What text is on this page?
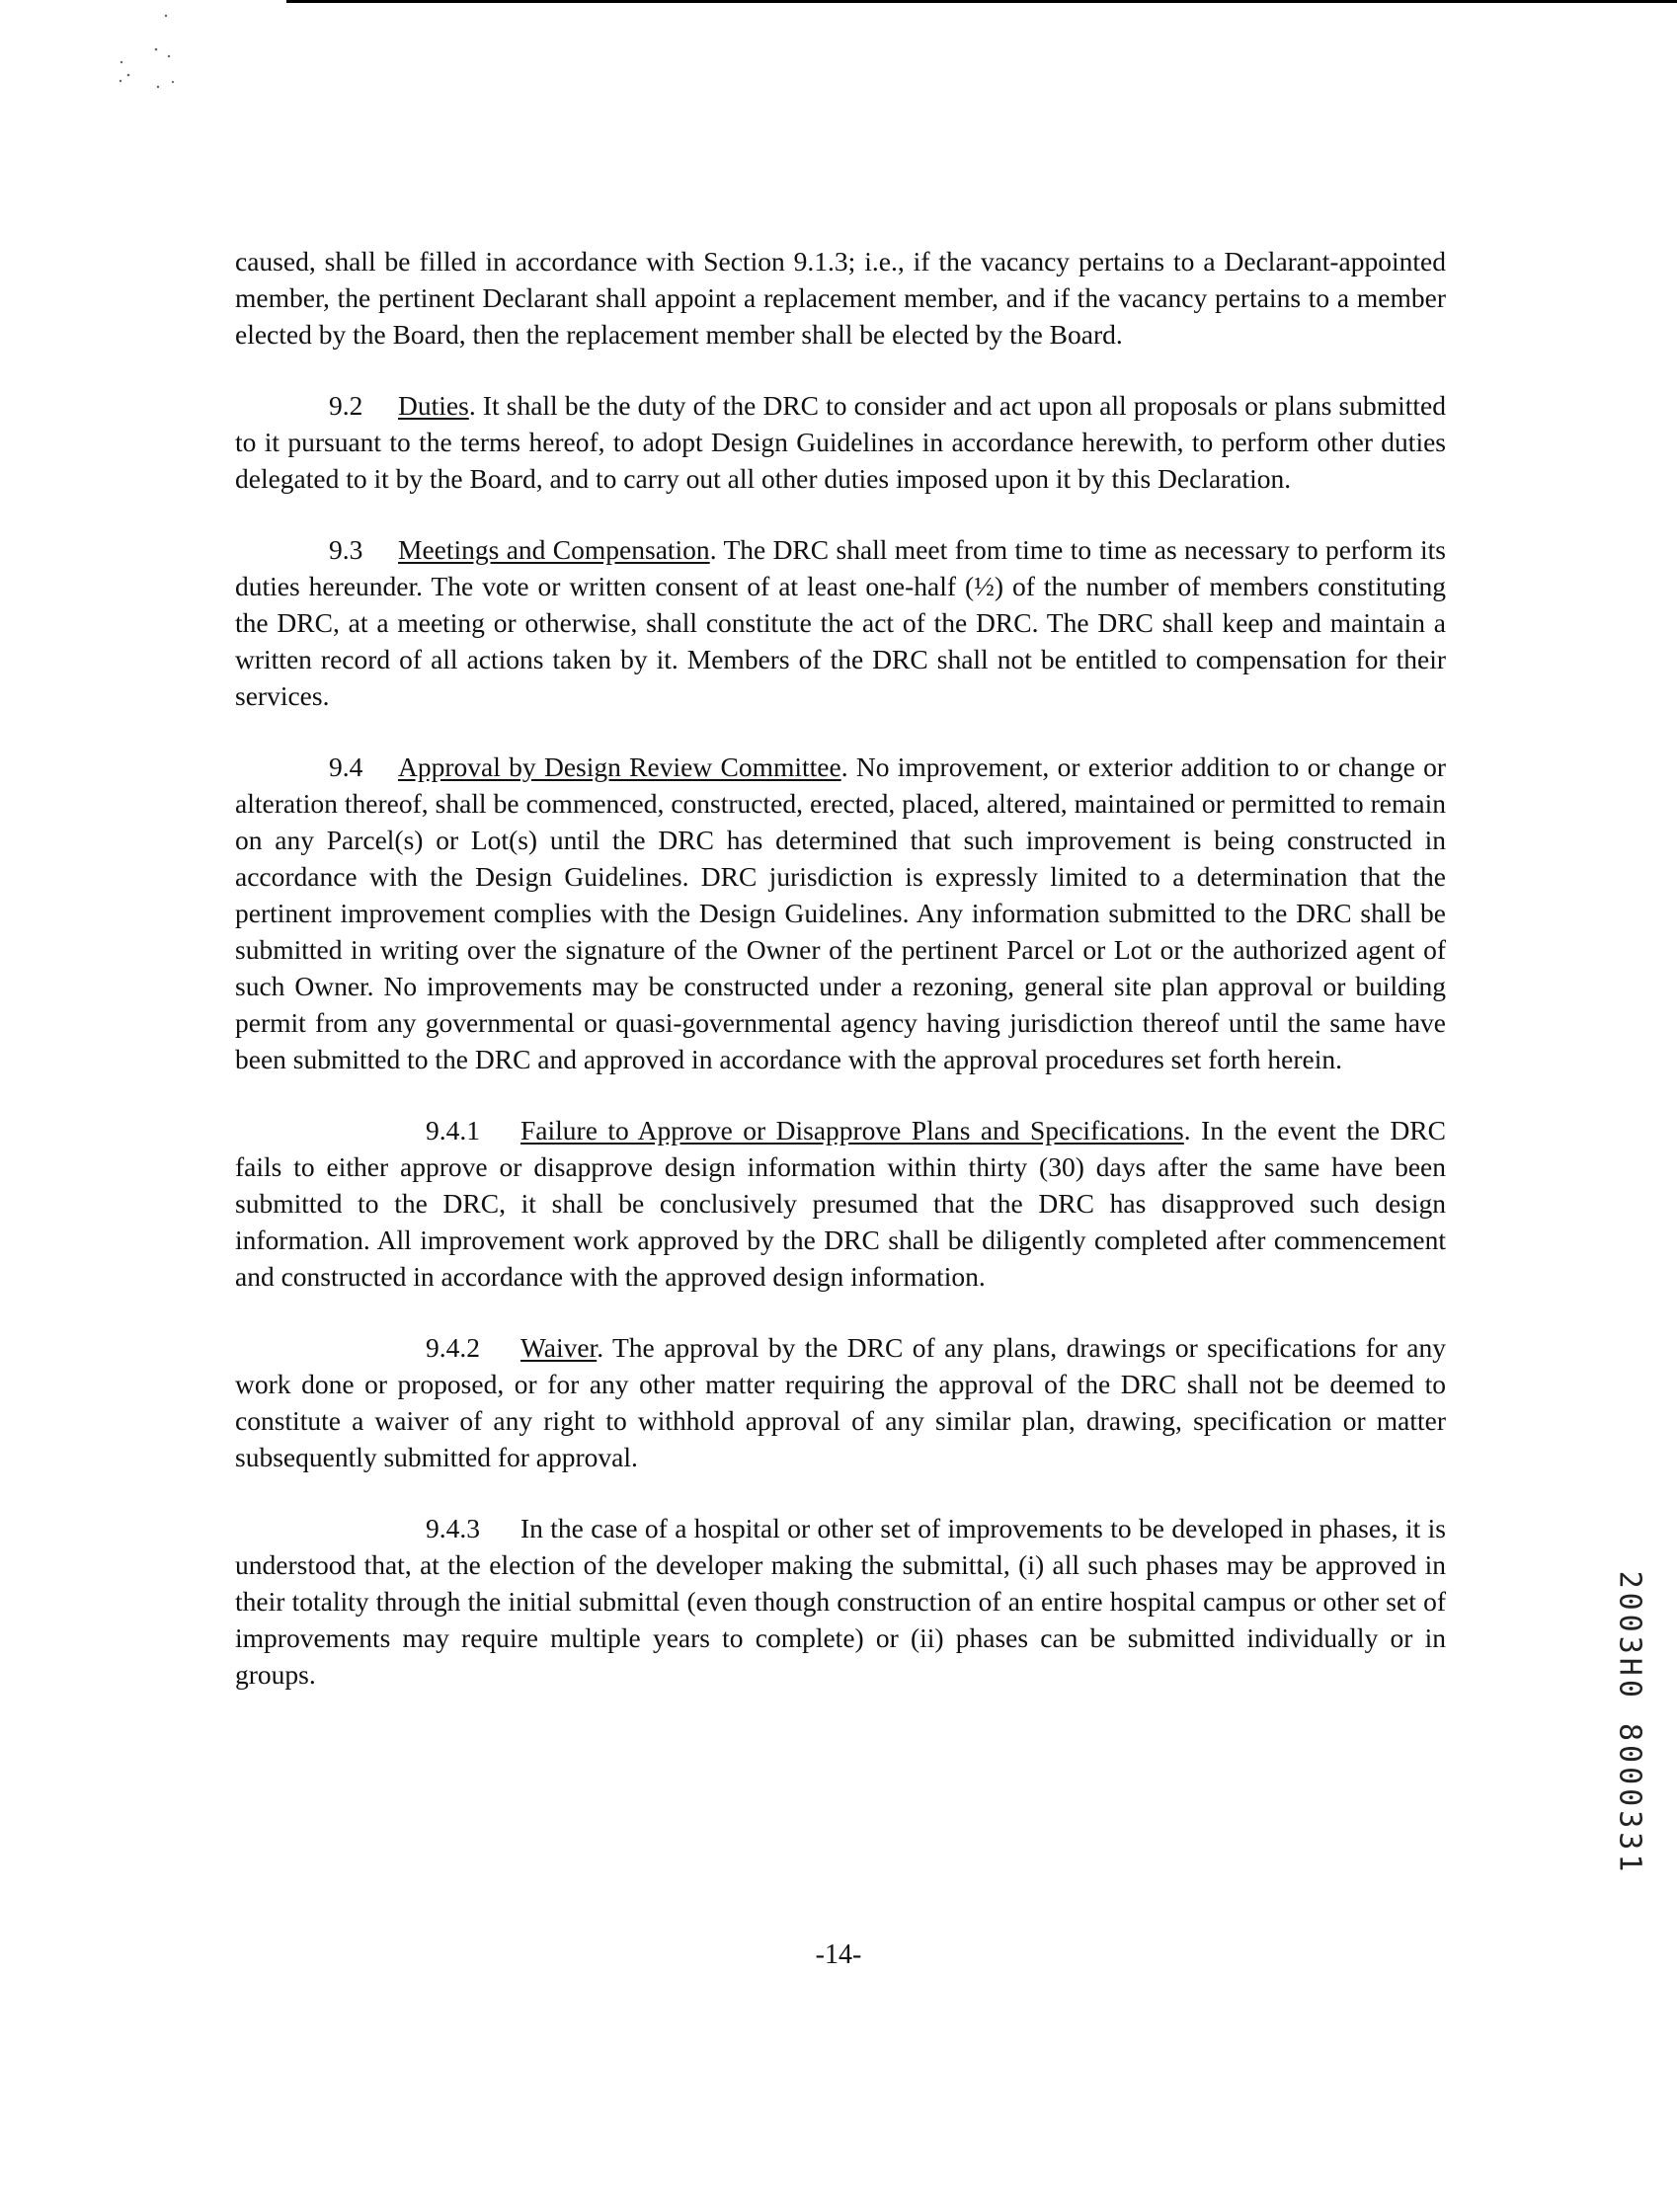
caused, shall be filled in accordance with Section 9.1.3; i.e., if the vacancy pertains to a Declarant-appointed member, the pertinent Declarant shall appoint a replacement member, and if the vacancy pertains to a member elected by the Board, then the replacement member shall be elected by the Board.

9.2 Duties. It shall be the duty of the DRC to consider and act upon all proposals or plans submitted to it pursuant to the terms hereof, to adopt Design Guidelines in accordance herewith, to perform other duties delegated to it by the Board, and to carry out all other duties imposed upon it by this Declaration.

9.3 Meetings and Compensation. The DRC shall meet from time to time as necessary to perform its duties hereunder. The vote or written consent of at least one-half (½) of the number of members constituting the DRC, at a meeting or otherwise, shall constitute the act of the DRC. The DRC shall keep and maintain a written record of all actions taken by it. Members of the DRC shall not be entitled to compensation for their services.

9.4 Approval by Design Review Committee. No improvement, or exterior addition to or change or alteration thereof, shall be commenced, constructed, erected, placed, altered, maintained or permitted to remain on any Parcel(s) or Lot(s) until the DRC has determined that such improvement is being constructed in accordance with the Design Guidelines. DRC jurisdiction is expressly limited to a determination that the pertinent improvement complies with the Design Guidelines. Any information submitted to the DRC shall be submitted in writing over the signature of the Owner of the pertinent Parcel or Lot or the authorized agent of such Owner. No improvements may be constructed under a rezoning, general site plan approval or building permit from any governmental or quasi-governmental agency having jurisdiction thereof until the same have been submitted to the DRC and approved in accordance with the approval procedures set forth herein.

9.4.1 Failure to Approve or Disapprove Plans and Specifications. In the event the DRC fails to either approve or disapprove design information within thirty (30) days after the same have been submitted to the DRC, it shall be conclusively presumed that the DRC has disapproved such design information. All improvement work approved by the DRC shall be diligently completed after commencement and constructed in accordance with the approved design information.

9.4.2 Waiver. The approval by the DRC of any plans, drawings or specifications for any work done or proposed, or for any other matter requiring the approval of the DRC shall not be deemed to constitute a waiver of any right to withhold approval of any similar plan, drawing, specification or matter subsequently submitted for approval.

9.4.3 In the case of a hospital or other set of improvements to be developed in phases, it is understood that, at the election of the developer making the submittal, (i) all such phases may be approved in their totality through the initial submittal (even though construction of an entire hospital campus or other set of improvements may require multiple years to complete) or (ii) phases can be submitted individually or in groups.

-14-
2003H0 8000331
